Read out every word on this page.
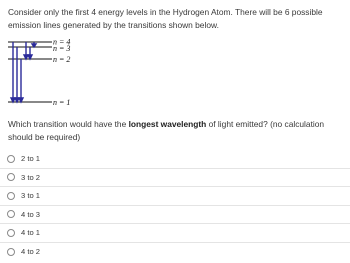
Consider only the first 4 energy levels in the Hydrogen Atom. There will be 6 possible emission lines generated by the transitions shown below.
n = 4
n = 3
n = 2
n = 1
Which transition would have the longest wavelength of light emitted? (no calculation should be required)
2 to 1
3 to 2
3 to 1
4 to 3
4 to 1
4 to 2
